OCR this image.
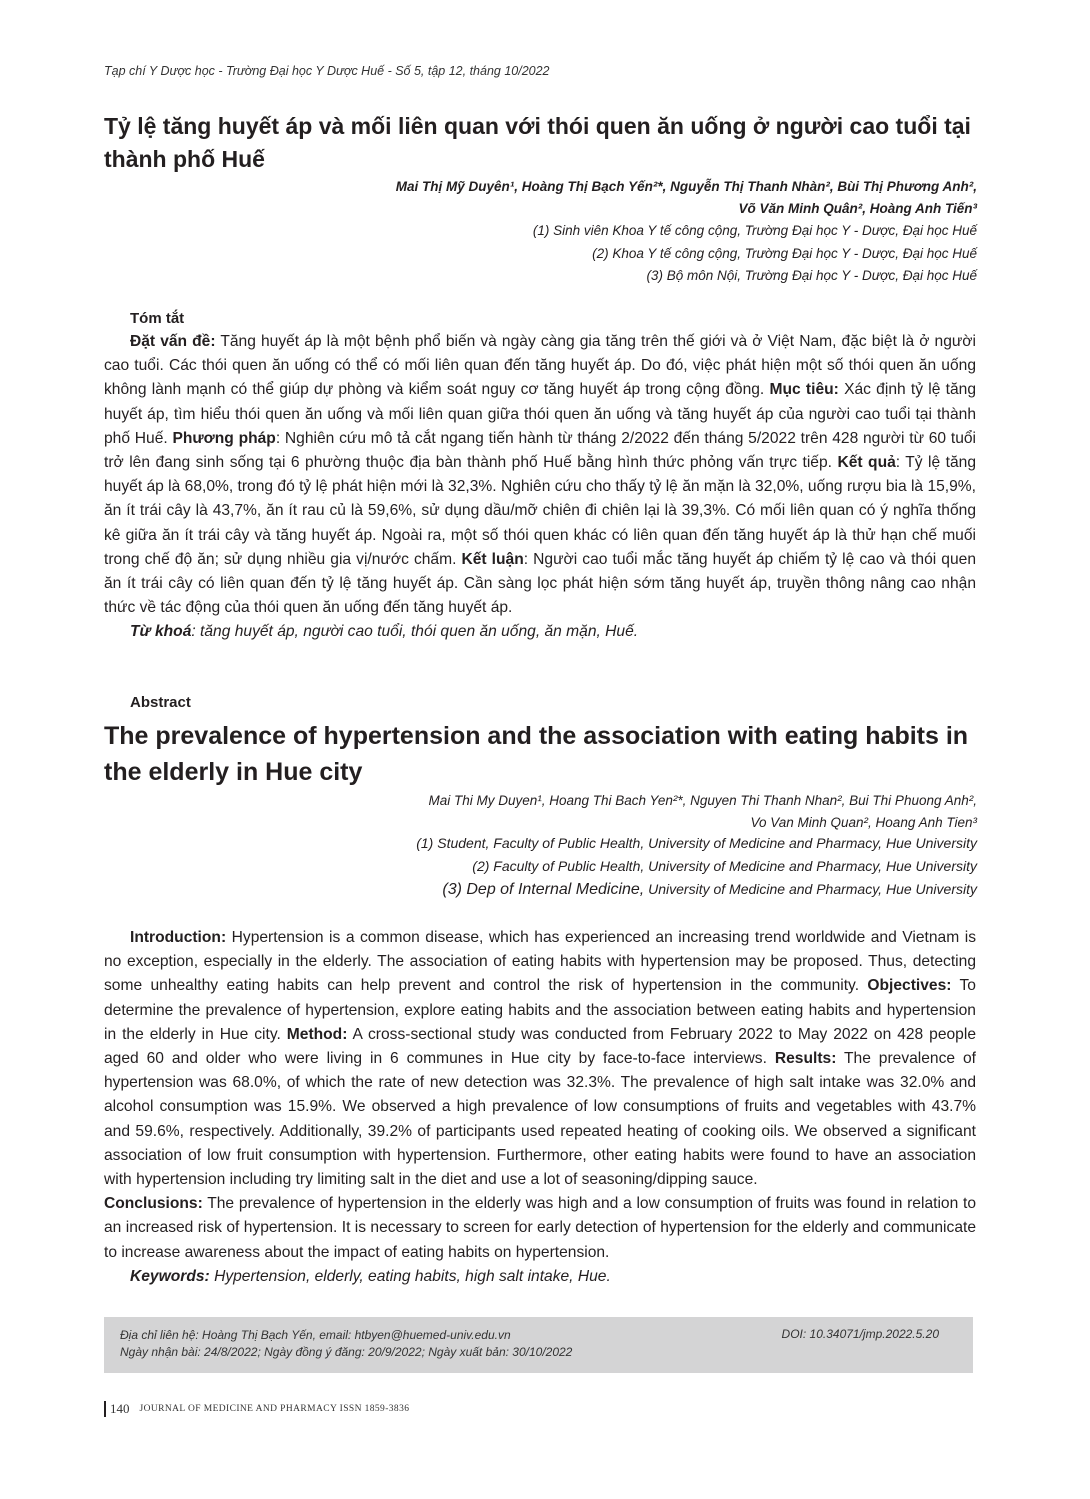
Tạp chí Y Dược học - Trường Đại học Y Dược Huế - Số 5, tập 12, tháng 10/2022
Tỷ lệ tăng huyết áp và mối liên quan với thói quen ăn uống ở người cao tuổi tại thành phố Huế
Mai Thị Mỹ Duyên¹, Hoàng Thị Bạch Yến²*, Nguyễn Thị Thanh Nhàn², Bùi Thị Phương Anh²,
Võ Văn Minh Quân², Hoàng Anh Tiến³
(1) Sinh viên Khoa Y tế công cộng, Trường Đại học Y - Dược, Đại học Huế
(2) Khoa Y tế công cộng, Trường Đại học Y - Dược, Đại học Huế
(3) Bộ môn Nội, Trường Đại học Y - Dược, Đại học Huế
Tóm tắt
Đặt vấn đề: Tăng huyết áp là một bệnh phổ biến và ngày càng gia tăng trên thế giới và ở Việt Nam, đặc biệt là ở người cao tuổi. Các thói quen ăn uống có thể có mối liên quan đến tăng huyết áp. Do đó, việc phát hiện một số thói quen ăn uống không lành mạnh có thể giúp dự phòng và kiểm soát nguy cơ tăng huyết áp trong cộng đồng. Mục tiêu: Xác định tỷ lệ tăng huyết áp, tìm hiểu thói quen ăn uống và mối liên quan giữa thói quen ăn uống và tăng huyết áp của người cao tuổi tại thành phố Huế. Phương pháp: Nghiên cứu mô tả cắt ngang tiến hành từ tháng 2/2022 đến tháng 5/2022 trên 428 người từ 60 tuổi trở lên đang sinh sống tại 6 phường thuộc địa bàn thành phố Huế bằng hình thức phỏng vấn trực tiếp. Kết quả: Tỷ lệ tăng huyết áp là 68,0%, trong đó tỷ lệ phát hiện mới là 32,3%. Nghiên cứu cho thấy tỷ lệ ăn mặn là 32,0%, uống rượu bia là 15,9%, ăn ít trái cây là 43,7%, ăn ít rau củ là 59,6%, sử dụng dầu/mỡ chiên đi chiên lại là 39,3%. Có mối liên quan có ý nghĩa thống kê giữa ăn ít trái cây và tăng huyết áp. Ngoài ra, một số thói quen khác có liên quan đến tăng huyết áp là thử hạn chế muối trong chế độ ăn; sử dụng nhiều gia vị/nước chấm. Kết luận: Người cao tuổi mắc tăng huyết áp chiếm tỷ lệ cao và thói quen ăn ít trái cây có liên quan đến tỷ lệ tăng huyết áp. Cần sàng lọc phát hiện sớm tăng huyết áp, truyền thông nâng cao nhận thức về tác động của thói quen ăn uống đến tăng huyết áp.
Từ khoá: tăng huyết áp, người cao tuổi, thói quen ăn uống, ăn mặn, Huế.
Abstract
The prevalence of hypertension and the association with eating habits in the elderly in Hue city
Mai Thi My Duyen¹, Hoang Thi Bach Yen²*, Nguyen Thi Thanh Nhan², Bui Thi Phuong Anh²,
Vo Van Minh Quan², Hoang Anh Tien³
(1) Student, Faculty of Public Health, University of Medicine and Pharmacy, Hue University
(2) Faculty of Public Health, University of Medicine and Pharmacy, Hue University
(3) Dep of Internal Medicine, University of Medicine and Pharmacy, Hue University
Introduction: Hypertension is a common disease, which has experienced an increasing trend worldwide and Vietnam is no exception, especially in the elderly. The association of eating habits with hypertension may be proposed. Thus, detecting some unhealthy eating habits can help prevent and control the risk of hypertension in the community. Objectives: To determine the prevalence of hypertension, explore eating habits and the association between eating habits and hypertension in the elderly in Hue city. Method: A cross-sectional study was conducted from February 2022 to May 2022 on 428 people aged 60 and older who were living in 6 communes in Hue city by face-to-face interviews. Results: The prevalence of hypertension was 68.0%, of which the rate of new detection was 32.3%. The prevalence of high salt intake was 32.0% and alcohol consumption was 15.9%. We observed a high prevalence of low consumptions of fruits and vegetables with 43.7% and 59.6%, respectively. Additionally, 39.2% of participants used repeated heating of cooking oils. We observed a significant association of low fruit consumption with hypertension. Furthermore, other eating habits were found to have an association with hypertension including try limiting salt in the diet and use a lot of seasoning/dipping sauce.
Conclusions: The prevalence of hypertension in the elderly was high and a low consumption of fruits was found in relation to an increased risk of hypertension. It is necessary to screen for early detection of hypertension for the elderly and communicate to increase awareness about the impact of eating habits on hypertension.
Keywords: Hypertension, elderly, eating habits, high salt intake, Hue.
Địa chỉ liên hệ: Hoàng Thị Bạch Yến, email: htbyen@huemed-univ.edu.vn
Ngày nhận bài: 24/8/2022; Ngày đồng ý đăng: 20/9/2022; Ngày xuất bản: 30/10/2022
DOI: 10.34071/jmp.2022.5.20
140 JOURNAL OF MEDICINE AND PHARMACY ISSN 1859-3836
